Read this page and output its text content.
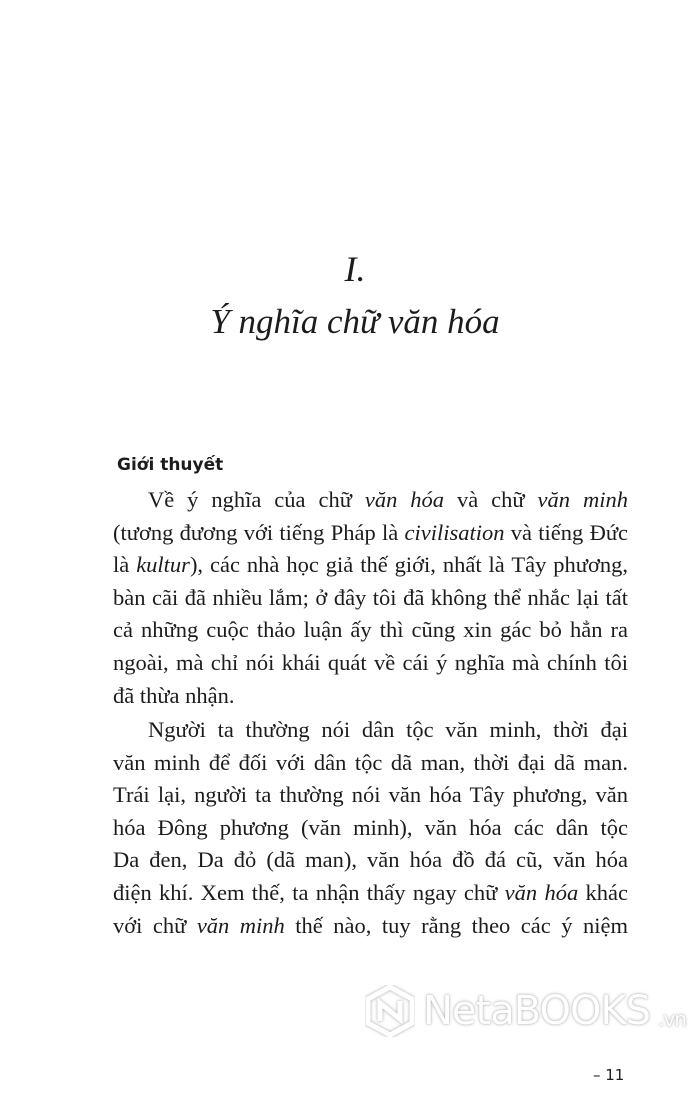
I.
Ý nghĩa chữ văn hóa
Giới thuyết
Về ý nghĩa của chữ văn hóa và chữ văn minh
(tương đương với tiếng Pháp là civilisation và tiếng Đức
là kultur), các nhà học giả thế giới, nhất là Tây phương,
bàn cãi đã nhiều lắm; ở đây tôi đã không thể nhắc lại tất
cả những cuộc thảo luận ấy thì cũng xin gác bỏ hẳn ra
ngoài, mà chỉ nói khái quát về cái ý nghĩa mà chính tôi
đã thừa nhận.
Người ta thường nói dân tộc văn minh, thời đại
văn minh để đối với dân tộc dã man, thời đại dã man.
Trái lại, người ta thường nói văn hóa Tây phương, văn
hóa Đông phương (văn minh), văn hóa các dân tộc
Da đen, Da đỏ (dã man), văn hóa đồ đá cũ, văn hóa
điện khí. Xem thế, ta nhận thấy ngay chữ văn hóa khác
với chữ văn minh thế nào, tuy rằng theo các ý niệm
NetaBOOKS .vn
– 11
